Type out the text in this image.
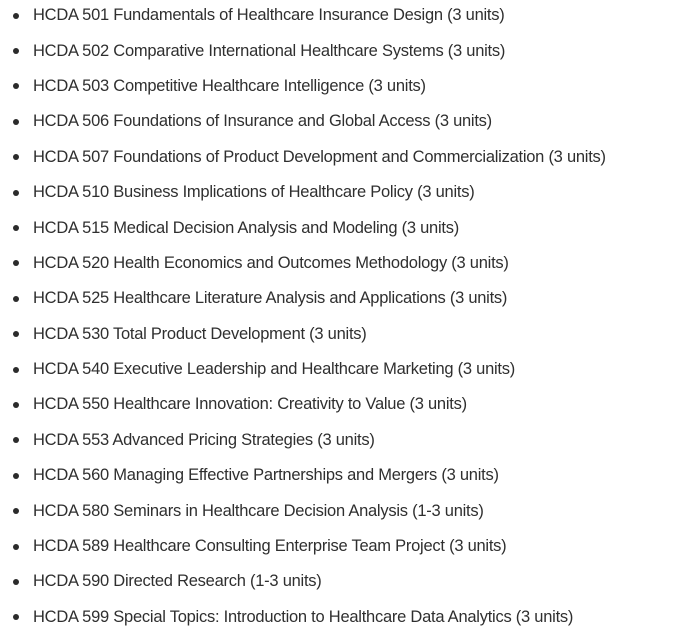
HCDA 501 Fundamentals of Healthcare Insurance Design (3 units)
HCDA 502 Comparative International Healthcare Systems (3 units)
HCDA 503 Competitive Healthcare Intelligence (3 units)
HCDA 506 Foundations of Insurance and Global Access (3 units)
HCDA 507 Foundations of Product Development and Commercialization (3 units)
HCDA 510 Business Implications of Healthcare Policy (3 units)
HCDA 515 Medical Decision Analysis and Modeling (3 units)
HCDA 520 Health Economics and Outcomes Methodology (3 units)
HCDA 525 Healthcare Literature Analysis and Applications (3 units)
HCDA 530 Total Product Development (3 units)
HCDA 540 Executive Leadership and Healthcare Marketing (3 units)
HCDA 550 Healthcare Innovation: Creativity to Value (3 units)
HCDA 553 Advanced Pricing Strategies (3 units)
HCDA 560 Managing Effective Partnerships and Mergers (3 units)
HCDA 580 Seminars in Healthcare Decision Analysis (1-3 units)
HCDA 589 Healthcare Consulting Enterprise Team Project (3 units)
HCDA 590 Directed Research (1-3 units)
HCDA 599 Special Topics: Introduction to Healthcare Data Analytics (3 units)
